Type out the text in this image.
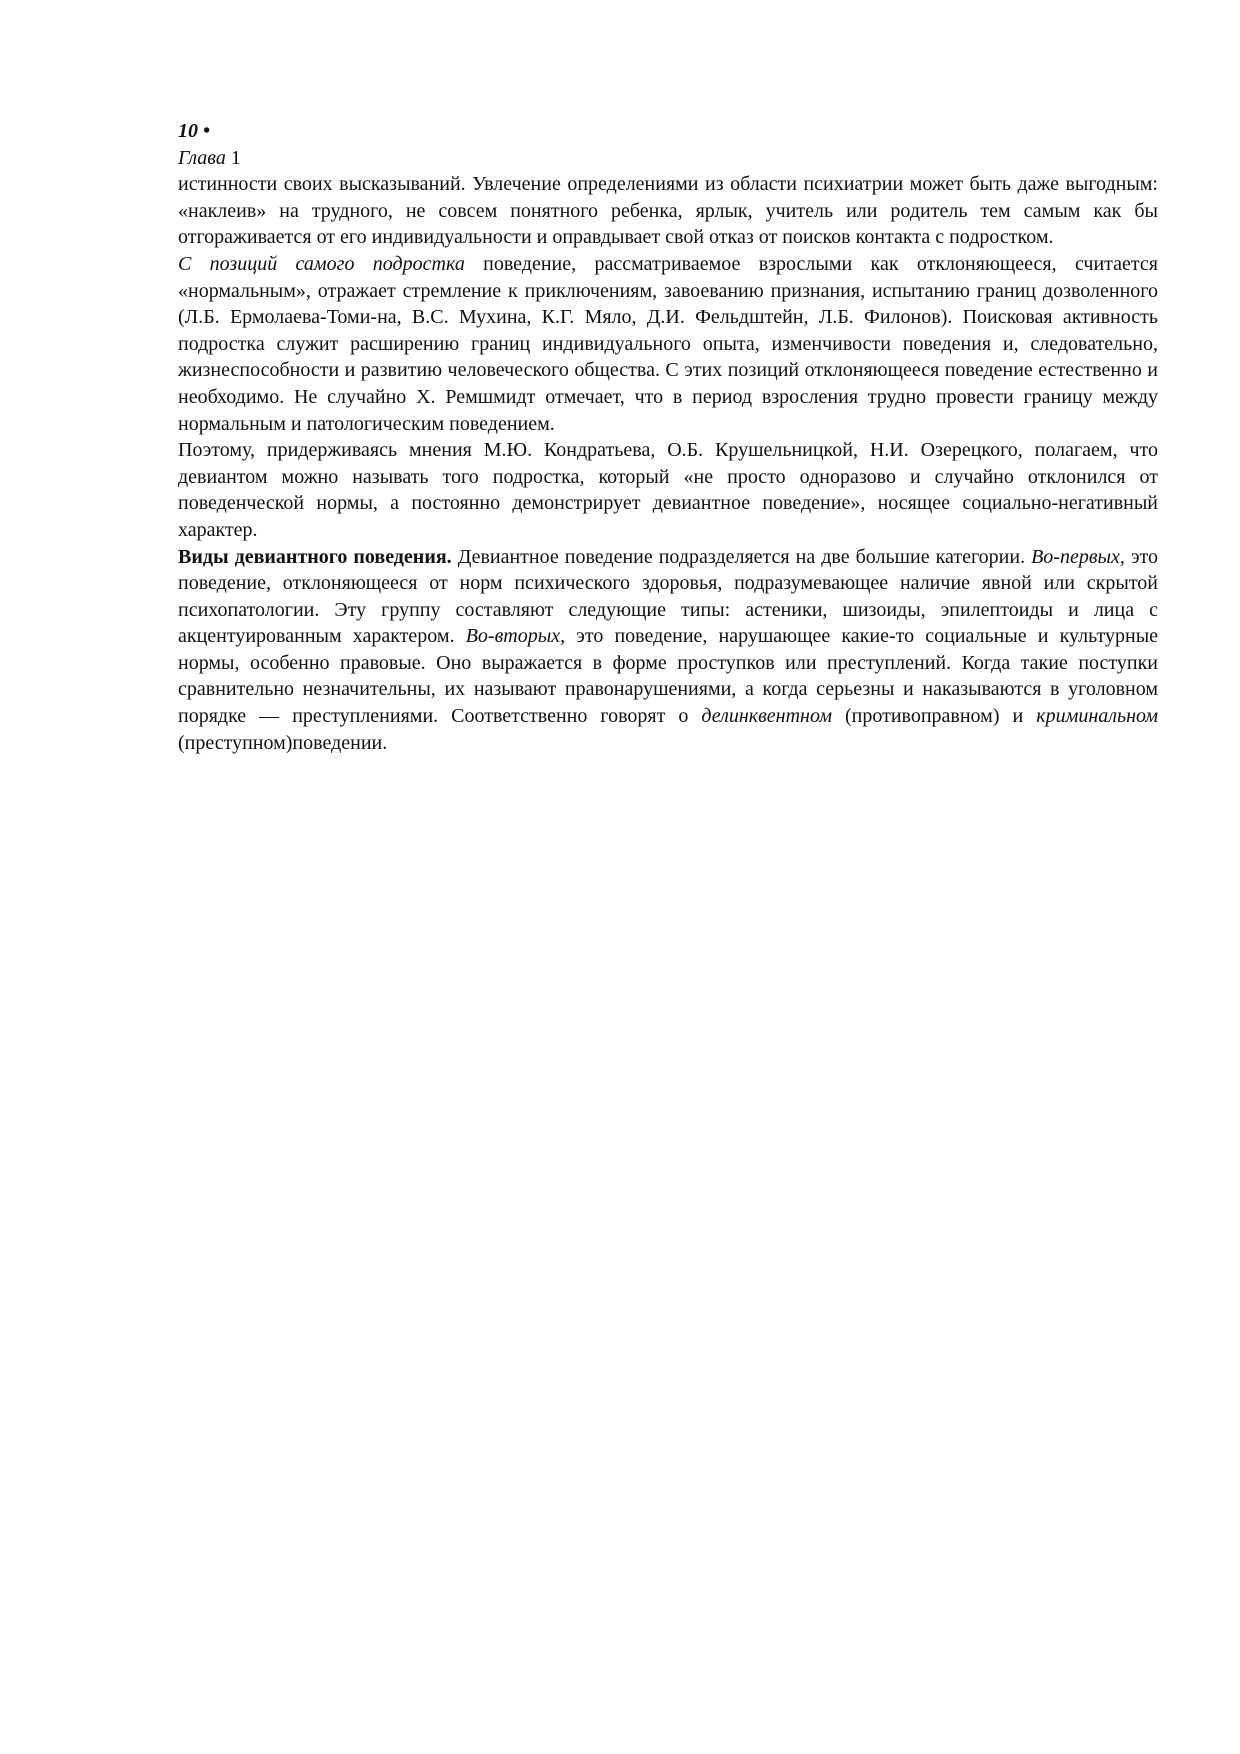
10 •
Глава 1

истинности своих высказываний. Увлечение определениями из области психиатрии может быть даже выгодным: «наклеив» на трудного, не совсем понятного ребенка, ярлык, учитель или родитель тем самым как бы отгораживается от его индивидуальности и оправдывает свой отказ от поисков контакта с подростком.

С позиций самого подростка поведение, рассматриваемое взрослыми как отклоняющееся, считается «нормальным», отражает стремление к приключениям, завоеванию признания, испытанию границ дозволенного (Л.Б. Ермолаева-Томи-на, В.С. Мухина, К.Г. Мяло, Д.И. Фельдштейн, Л.Б. Филонов). Поисковая активность подростка служит расширению границ индивидуального опыта, изменчивости поведения и, следовательно, жизнеспособности и развитию человеческого общества. С этих позиций отклоняющееся поведение естественно и необходимо. Не случайно X. Ремшмидт отмечает, что в период взросления трудно провести границу между нормальным и патологическим поведением.

Поэтому, придерживаясь мнения М.Ю. Кондратьева, О.Б. Крушельницкой, Н.И. Озерецкого, полагаем, что девиантом можно называть того подростка, который «не просто одноразово и случайно отклонился от поведенческой нормы, а постоянно демонстрирует девиантное поведение», носящее социально-негативный характер.

Виды девиантного поведения. Девиантное поведение подразделяется на две большие категории. Во-первых, это поведение, отклоняющееся от норм психического здоровья, подразумевающее наличие явной или скрытой психопатологии. Эту группу составляют следующие типы: астеники, шизоиды, эпилептоиды и лица с акцентуированным характером. Во-вторых, это поведение, нарушающее какие-то социальные и культурные нормы, особенно правовые. Оно выражается в форме проступков или преступлений. Когда такие поступки сравнительно незначительны, их называют правонарушениями, а когда серьезны и наказываются в уголовном порядке — преступлениями. Соответственно говорят о делинквентном (противоправном) и криминальном (преступном)поведении.
